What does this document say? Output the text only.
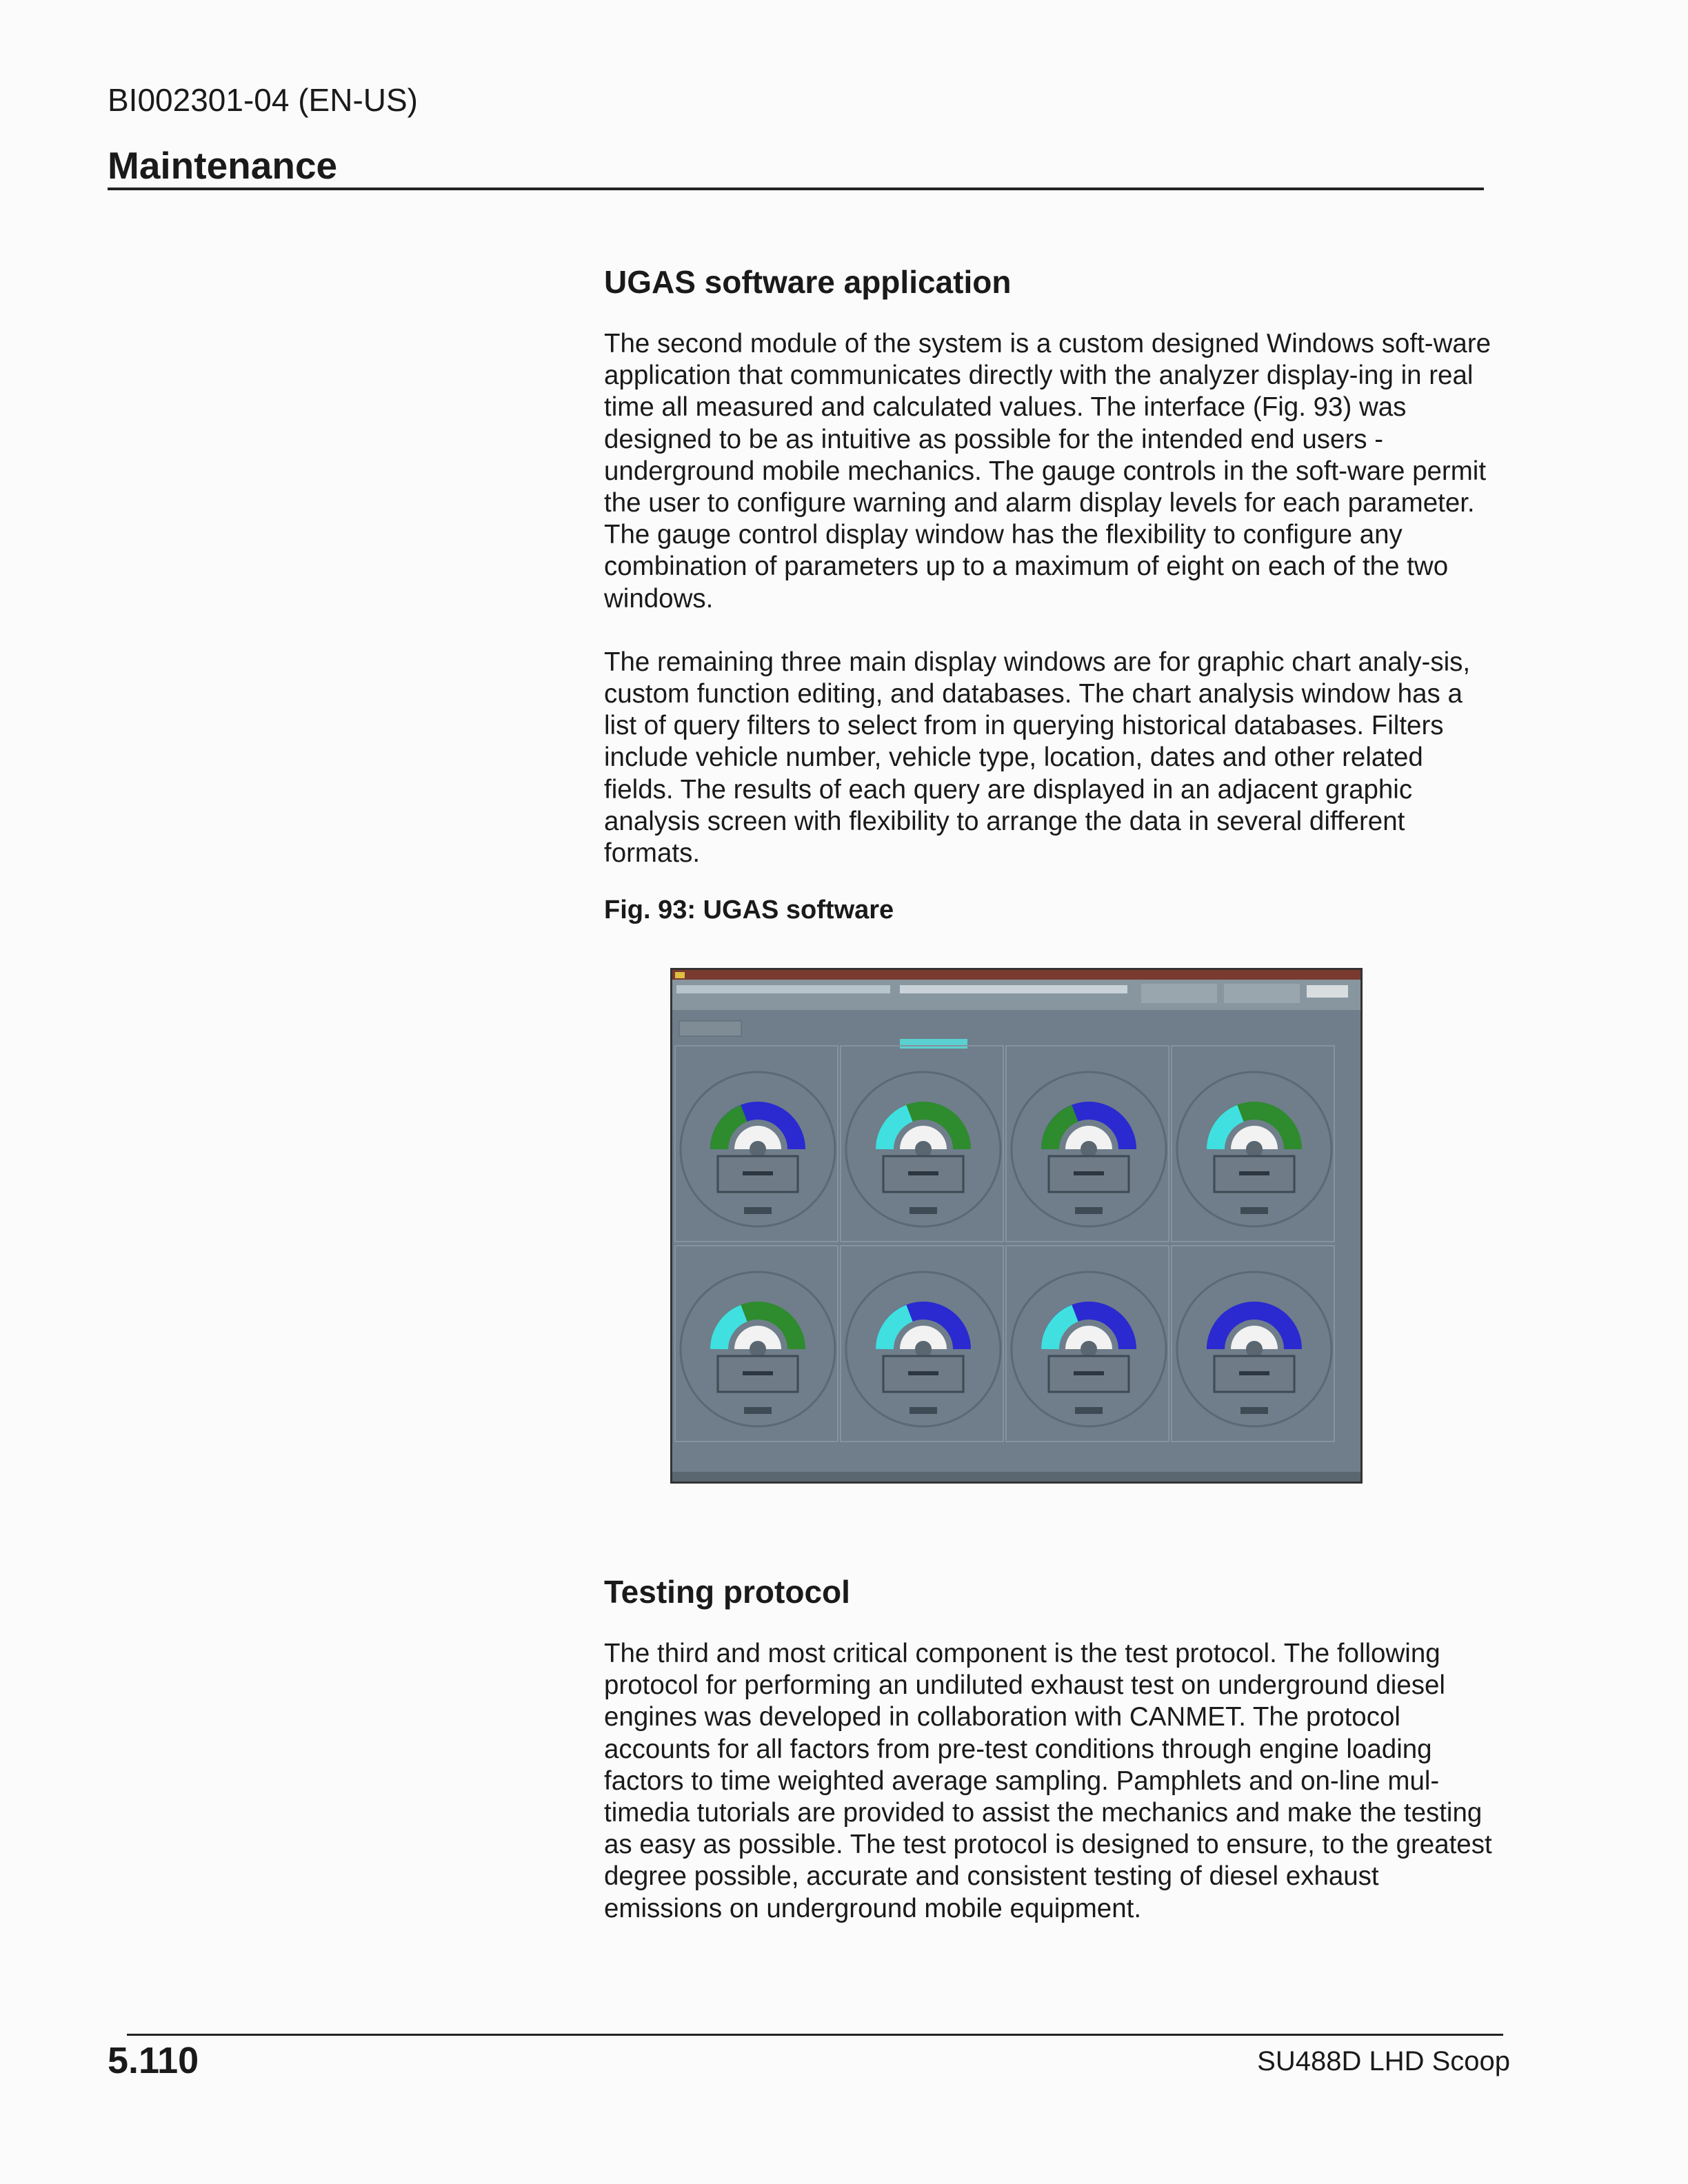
BI002301-04 (EN-US)
Maintenance
UGAS software application

The second module of the system is a custom designed Windows soft-ware application that communicates directly with the analyzer display-ing in real time all measured and calculated values. The interface (Fig. 93) was designed to be as intuitive as possible for the intended end users -underground mobile mechanics. The gauge controls in the soft-ware permit the user to configure warning and alarm display levels for each parameter. The gauge control display window has the flexibility to configure any combination of parameters up to a maximum of eight on each of the two windows.

The remaining three main display windows are for graphic chart analy-sis, custom function editing, and databases. The chart analysis window has a list of query filters to select from in querying historical databases. Filters include vehicle number, vehicle type, location, dates and other related fields. The results of each query are displayed in an adjacent graphic analysis screen with flexibility to arrange the data in several different formats.

Fig. 93: UGAS software
Testing protocol

The third and most critical component is the test protocol. The following protocol for performing an undiluted exhaust test on underground diesel engines was developed in collaboration with CANMET. The protocol accounts for all factors from pre-test conditions through engine loading factors to time weighted average sampling. Pamphlets and on-line mul-timedia tutorials are provided to assist the mechanics and make the testing as easy as possible. The test protocol is designed to ensure, to the greatest degree possible, accurate and consistent testing of diesel exhaust emissions on underground mobile equipment.

5.110	SU488D LHD Scoop
